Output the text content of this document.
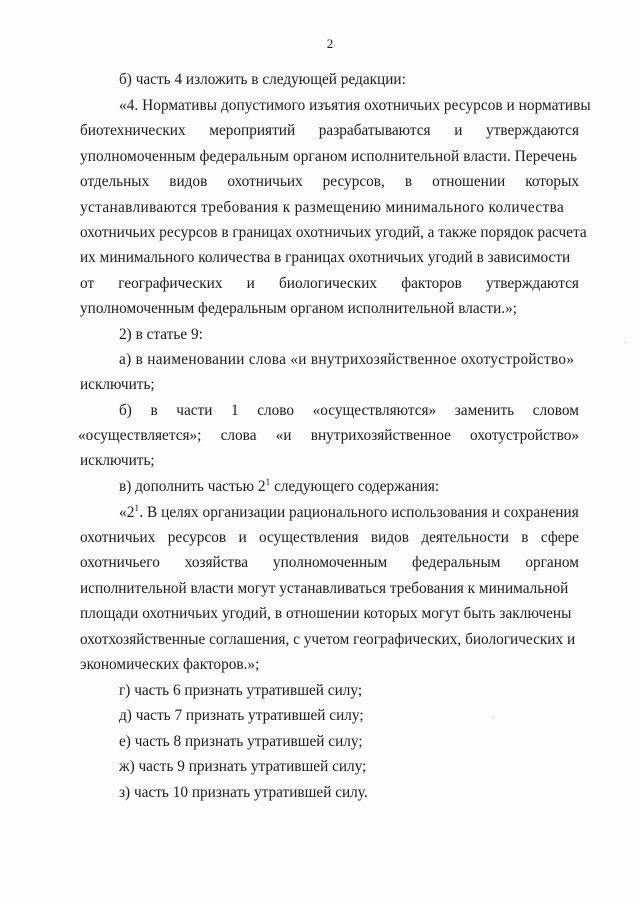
2
б) часть 4 изложить в следующей редакции:
«4. Нормативы допустимого изъятия охотничьих ресурсов и нормативы
биотехнических мероприятий разрабатываются и утверждаются
уполномоченным федеральным органом исполнительной власти. Перечень
отдельных видов охотничьих ресурсов, в отношении которых
устанавливаются требования к размещению минимального количества
охотничьих ресурсов в границах охотничьих угодий, а также порядок расчета
их минимального количества в границах охотничьих угодий в зависимости
от географических и биологических факторов утверждаются
уполномоченным федеральным органом исполнительной власти.»;
2) в статье 9:
а) в наименовании слова «и внутрихозяйственное охотустройство»
исключить;
б) в части 1 слово «осуществляются» заменить словом
«осуществляется»; слова «и внутрихозяйственное охотустройство»
исключить;
в) дополнить частью $2^1$ следующего содержания:
«$2^1$. В целях организации рационального использования и сохранения
охотничьих ресурсов и осуществления видов деятельности в сфере
охотничьего хозяйства уполномоченным федеральным органом
исполнительной власти могут устанавливаться требования к минимальной
площади охотничьих угодий, в отношении которых могут быть заключены
охотхозяйственные соглашения, с учетом географических, биологических и
экономических факторов.»;
г) часть 6 признать утратившей силу;
д) часть 7 признать утратившей силу;
е) часть 8 признать утратившей силу;
ж) часть 9 признать утратившей силу;
з) часть 10 признать утратившей силу.
